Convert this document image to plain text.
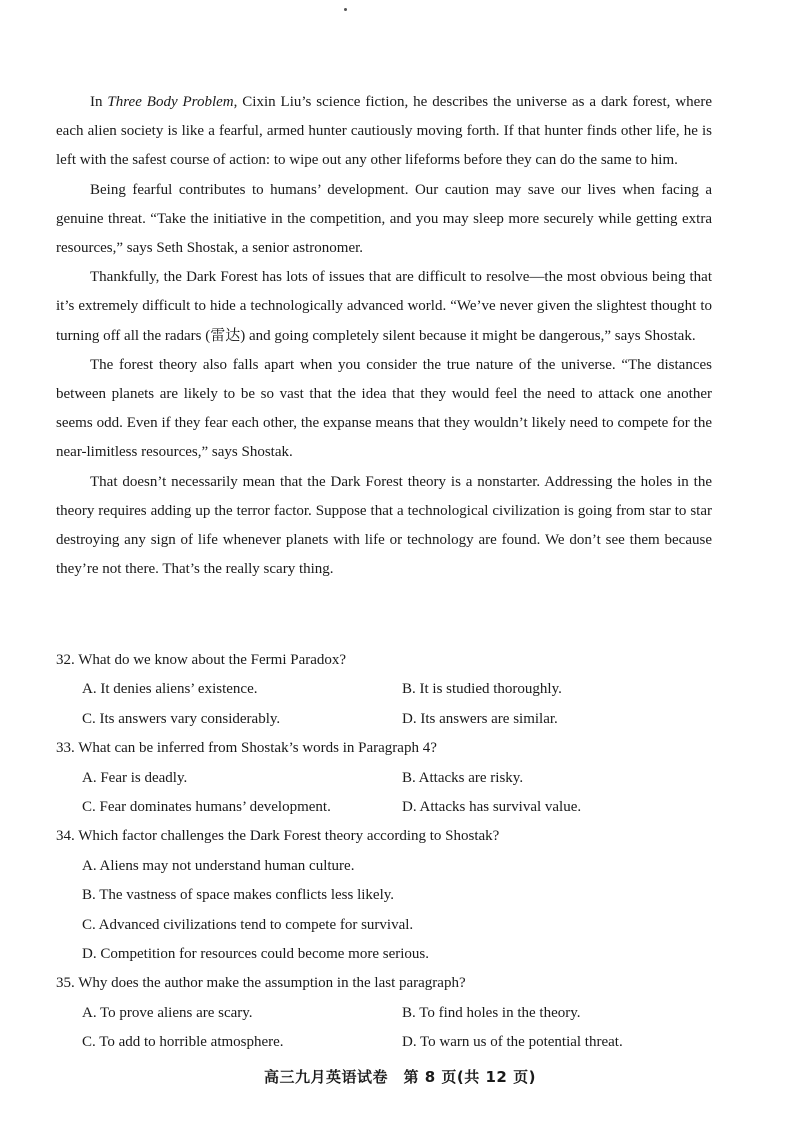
In Three Body Problem, Cixin Liu’s science fiction, he describes the universe as a dark forest, where each alien society is like a fearful, armed hunter cautiously moving forth. If that hunter finds other life, he is left with the safest course of action: to wipe out any other lifeforms before they can do the same to him.

Being fearful contributes to humans’ development. Our caution may save our lives when facing a genuine threat. “Take the initiative in the competition, and you may sleep more securely while getting extra resources,” says Seth Shostak, a senior astronomer.

Thankfully, the Dark Forest has lots of issues that are difficult to resolve—the most obvious being that it’s extremely difficult to hide a technologically advanced world. “We’ve never given the slightest thought to turning off all the radars (雷达) and going completely silent because it might be dangerous,” says Shostak.

The forest theory also falls apart when you consider the true nature of the universe. “The distances between planets are likely to be so vast that the idea that they would feel the need to attack one another seems odd. Even if they fear each other, the expanse means that they wouldn’t likely need to compete for the near-limitless resources,” says Shostak.

That doesn’t necessarily mean that the Dark Forest theory is a nonstarter. Addressing the holes in the theory requires adding up the terror factor. Suppose that a technological civilization is going from star to star destroying any sign of life whenever planets with life or technology are found. We don’t see them because they’re not there. That’s the really scary thing.

32. What do we know about the Fermi Paradox?
A. It denies aliens’ existence.	B. It is studied thoroughly.
C. Its answers vary considerably.	D. Its answers are similar.
33. What can be inferred from Shostak’s words in Paragraph 4?
A. Fear is deadly.	B. Attacks are risky.
C. Fear dominates humans’ development.	D. Attacks has survival value.
34. Which factor challenges the Dark Forest theory according to Shostak?
A. Aliens may not understand human culture.
B. The vastness of space makes conflicts less likely.
C. Advanced civilizations tend to compete for survival.
D. Competition for resources could become more serious.
35. Why does the author make the assumption in the last paragraph?
A. To prove aliens are scary.	B. To find holes in the theory.
C. To add to horrible atmosphere.	D. To warn us of the potential threat.
高三九月英语试卷　第 8 页(共 12 页)
